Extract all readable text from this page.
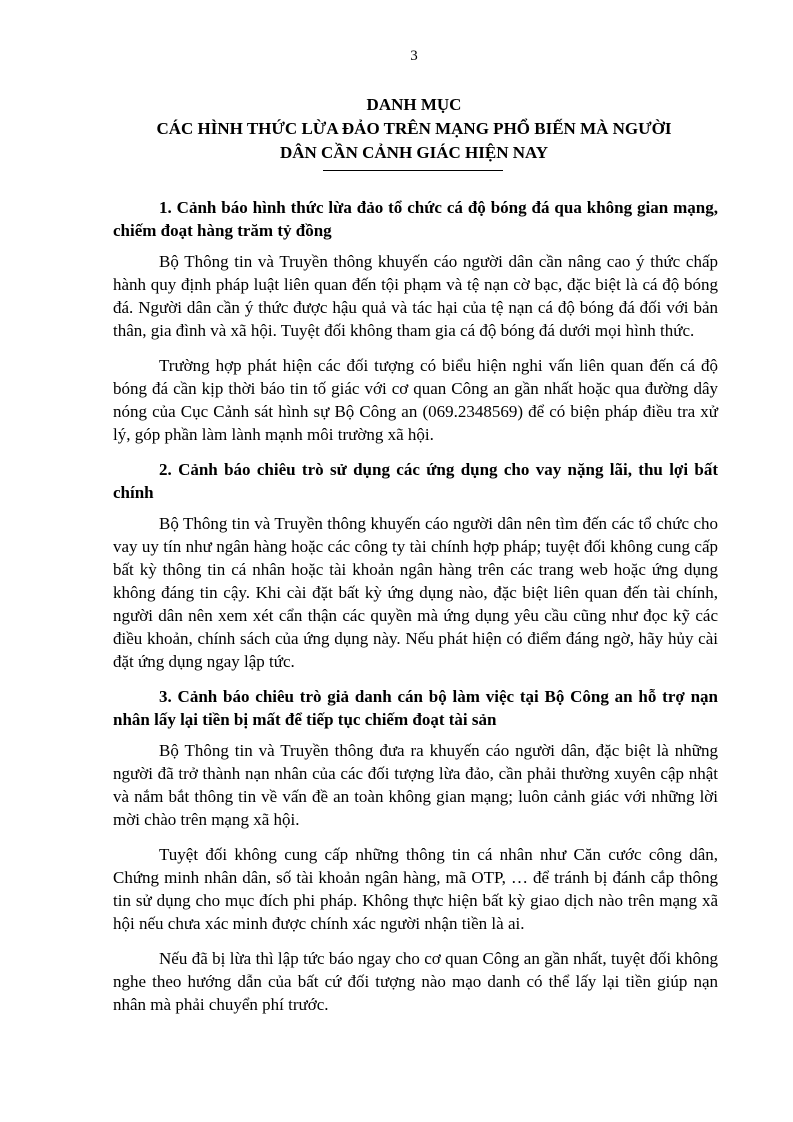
3
DANH MỤC
CÁC HÌNH THỨC LỪA ĐẢO TRÊN MẠNG PHỔ BIẾN MÀ NGƯỜI
DÂN CẦN CẢNH GIÁC HIỆN NAY

1. Cảnh báo hình thức lừa đảo tổ chức cá độ bóng đá qua không gian mạng, chiếm đoạt hàng trăm tỷ đồng

Bộ Thông tin và Truyền thông khuyến cáo người dân cần nâng cao ý thức chấp hành quy định pháp luật liên quan đến tội phạm và tệ nạn cờ bạc, đặc biệt là cá độ bóng đá. Người dân cần ý thức được hậu quả và tác hại của tệ nạn cá độ bóng đá đối với bản thân, gia đình và xã hội. Tuyệt đối không tham gia cá độ bóng đá dưới mọi hình thức.

Trường hợp phát hiện các đối tượng có biểu hiện nghi vấn liên quan đến cá độ bóng đá cần kịp thời báo tin tố giác với cơ quan Công an gần nhất hoặc qua đường dây nóng của Cục Cảnh sát hình sự Bộ Công an (069.2348569) để có biện pháp điều tra xử lý, góp phần làm lành mạnh môi trường xã hội.

2. Cảnh báo chiêu trò sử dụng các ứng dụng cho vay nặng lãi, thu lợi bất chính

Bộ Thông tin và Truyền thông khuyến cáo người dân nên tìm đến các tổ chức cho vay uy tín như ngân hàng hoặc các công ty tài chính hợp pháp; tuyệt đối không cung cấp bất kỳ thông tin cá nhân hoặc tài khoản ngân hàng trên các trang web hoặc ứng dụng không đáng tin cậy. Khi cài đặt bất kỳ ứng dụng nào, đặc biệt liên quan đến tài chính, người dân nên xem xét cẩn thận các quyền mà ứng dụng yêu cầu cũng như đọc kỹ các điều khoản, chính sách của ứng dụng này. Nếu phát hiện có điểm đáng ngờ, hãy hủy cài đặt ứng dụng ngay lập tức.

3. Cảnh báo chiêu trò giả danh cán bộ làm việc tại Bộ Công an hỗ trợ nạn nhân lấy lại tiền bị mất để tiếp tục chiếm đoạt tài sản

Bộ Thông tin và Truyền thông đưa ra khuyến cáo người dân, đặc biệt là những người đã trở thành nạn nhân của các đối tượng lừa đảo, cần phải thường xuyên cập nhật và nắm bắt thông tin về vấn đề an toàn không gian mạng; luôn cảnh giác với những lời mời chào trên mạng xã hội.

Tuyệt đối không cung cấp những thông tin cá nhân như Căn cước công dân, Chứng minh nhân dân, số tài khoản ngân hàng, mã OTP, … để tránh bị đánh cắp thông tin sử dụng cho mục đích phi pháp. Không thực hiện bất kỳ giao dịch nào trên mạng xã hội nếu chưa xác minh được chính xác người nhận tiền là ai.

Nếu đã bị lừa thì lập tức báo ngay cho cơ quan Công an gần nhất, tuyệt đối không nghe theo hướng dẫn của bất cứ đối tượng nào mạo danh có thể lấy lại tiền giúp nạn nhân mà phải chuyển phí trước.
